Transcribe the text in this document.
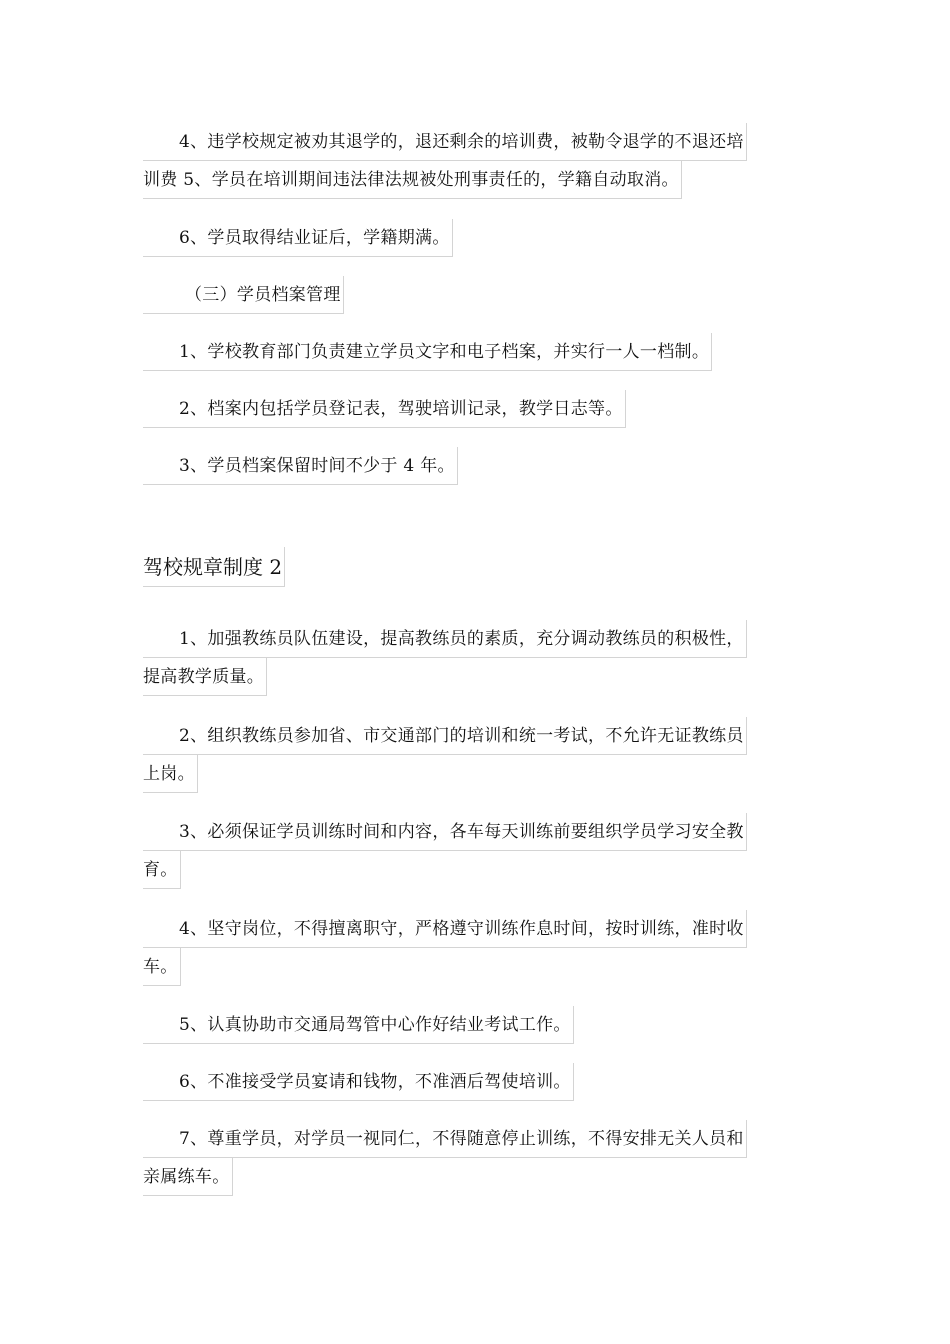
4、违学校规定被劝其退学的，退还剩余的培训费，被勒令退学的不退还培
训费 5、学员在培训期间违法律法规被处刑事责任的，学籍自动取消。
6、学员取得结业证后，学籍期满。
（三）学员档案管理
1、学校教育部门负责建立学员文字和电子档案，并实行一人一档制。
2、档案内包括学员登记表，驾驶培训记录，教学日志等。
3、学员档案保留时间不少于 4 年。
驾校规章制度 2
1、加强教练员队伍建设，提高教练员的素质，充分调动教练员的积极性，
提高教学质量。
2、组织教练员参加省、市交通部门的培训和统一考试，不允许无证教练员
上岗。
3、必须保证学员训练时间和内容，各车每天训练前要组织学员学习安全教
育。
4、坚守岗位，不得擅离职守，严格遵守训练作息时间，按时训练，准时收
车。
5、认真协助市交通局驾管中心作好结业考试工作。
6、不准接受学员宴请和钱物，不准酒后驾使培训。
7、尊重学员，对学员一视同仁，不得随意停止训练，不得安排无关人员和
亲属练车。
